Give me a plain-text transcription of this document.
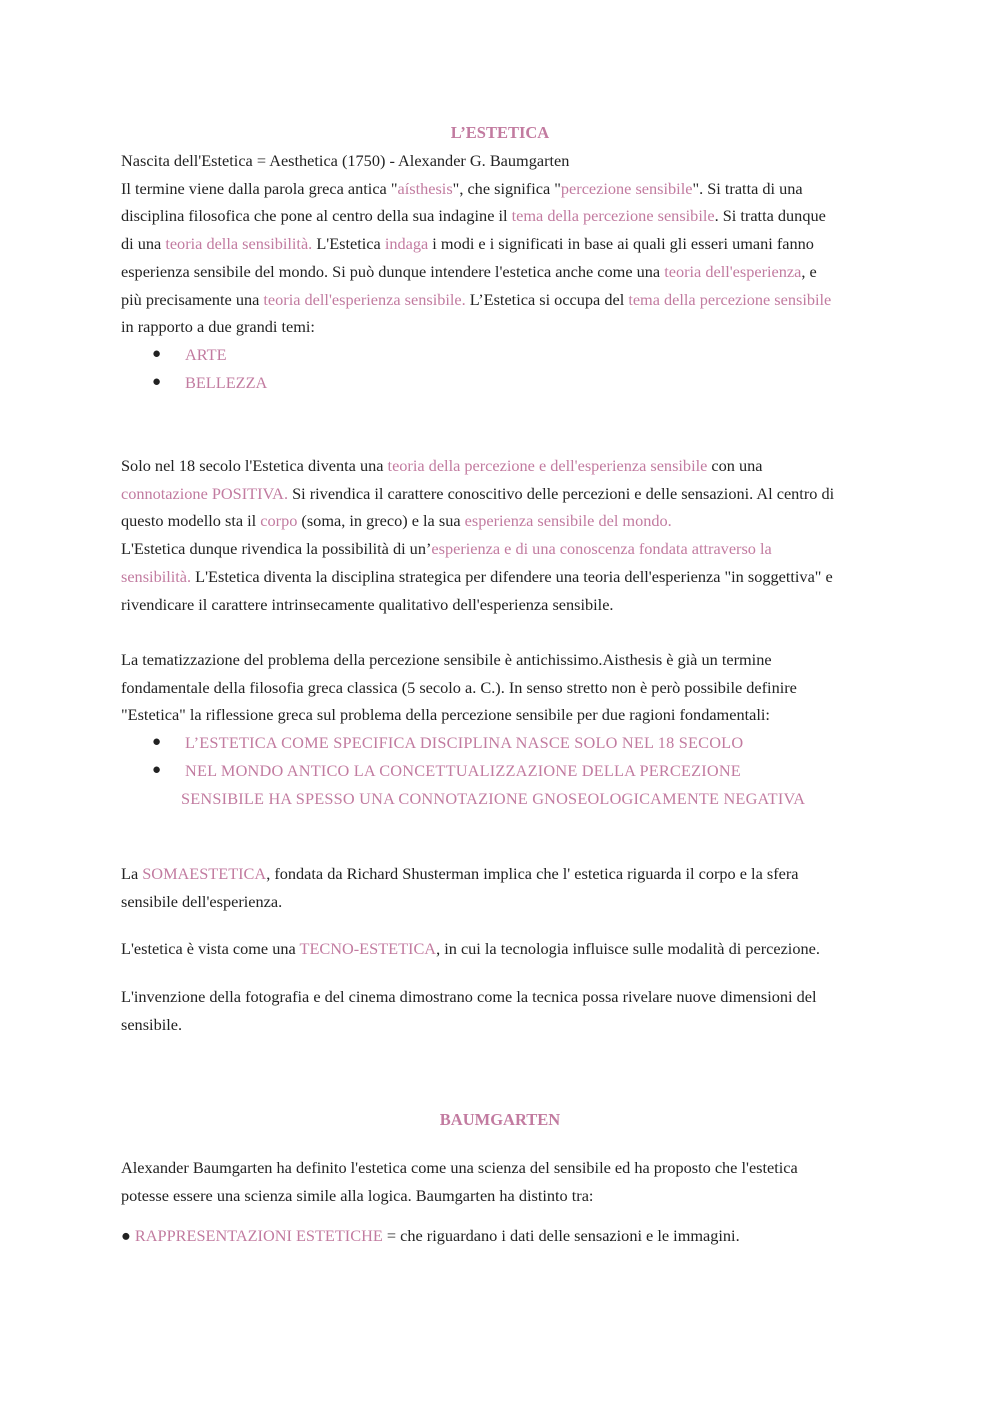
L’ESTETICA
Nascita dell'Estetica = Aesthetica (1750) - Alexander G. Baumgarten
Il termine viene dalla parola greca antica "aísthesis", che significa "percezione sensibile". Si tratta di una
disciplina filosofica che pone al centro della sua indagine il tema della percezione sensibile. Si tratta dunque
di una teoria della sensibilità. L'Estetica indaga i modi e i significati in base ai quali gli esseri umani fanno
esperienza sensibile del mondo. Si può dunque intendere l'estetica anche come una teoria dell'esperienza, e
più precisamente una teoria dell'esperienza sensibile. L’Estetica si occupa del tema della percezione sensibile
in rapporto a due grandi temi:
● ARTE
● BELLEZZA
Solo nel 18 secolo l'Estetica diventa una teoria della percezione e dell'esperienza sensibile con una
connotazione POSITIVA. Si rivendica il carattere conoscitivo delle percezioni e delle sensazioni. Al centro di
questo modello sta il corpo (soma, in greco) e la sua esperienza sensibile del mondo.
L'Estetica dunque rivendica la possibilità di un’esperienza e di una conoscenza fondata attraverso la
sensibilità. L'Estetica diventa la disciplina strategica per difendere una teoria dell'esperienza "in soggettiva" e
rivendicare il carattere intrinsecamente qualitativo dell'esperienza sensibile.
La tematizzazione del problema della percezione sensibile è antichissimo.Aisthesis è già un termine
fondamentale della filosofia greca classica (5 secolo a. C.). In senso stretto non è però possibile definire
"Estetica" la riflessione greca sul problema della percezione sensibile per due ragioni fondamentali:
● L’ESTETICA COME SPECIFICA DISCIPLINA NASCE SOLO NEL 18 SECOLO
● NEL MONDO ANTICO LA CONCETTUALIZZAZIONE DELLA PERCEZIONE
SENSIBILE HA SPESSO UNA CONNOTAZIONE GNOSEOLOGICAMENTE NEGATIVA
La SOMAESTETICA, fondata da Richard Shusterman implica che l' estetica riguarda il corpo e la sfera
sensibile dell'esperienza.
L'estetica è vista come una TECNO-ESTETICA, in cui la tecnologia influisce sulle modalità di percezione.
L'invenzione della fotografia e del cinema dimostrano come la tecnica possa rivelare nuove dimensioni del
sensibile.
BAUMGARTEN
Alexander Baumgarten ha definito l'estetica come una scienza del sensibile ed ha proposto che l'estetica
potesse essere una scienza simile alla logica. Baumgarten ha distinto tra:
● RAPPRESENTAZIONI ESTETICHE = che riguardano i dati delle sensazioni e le immagini.
